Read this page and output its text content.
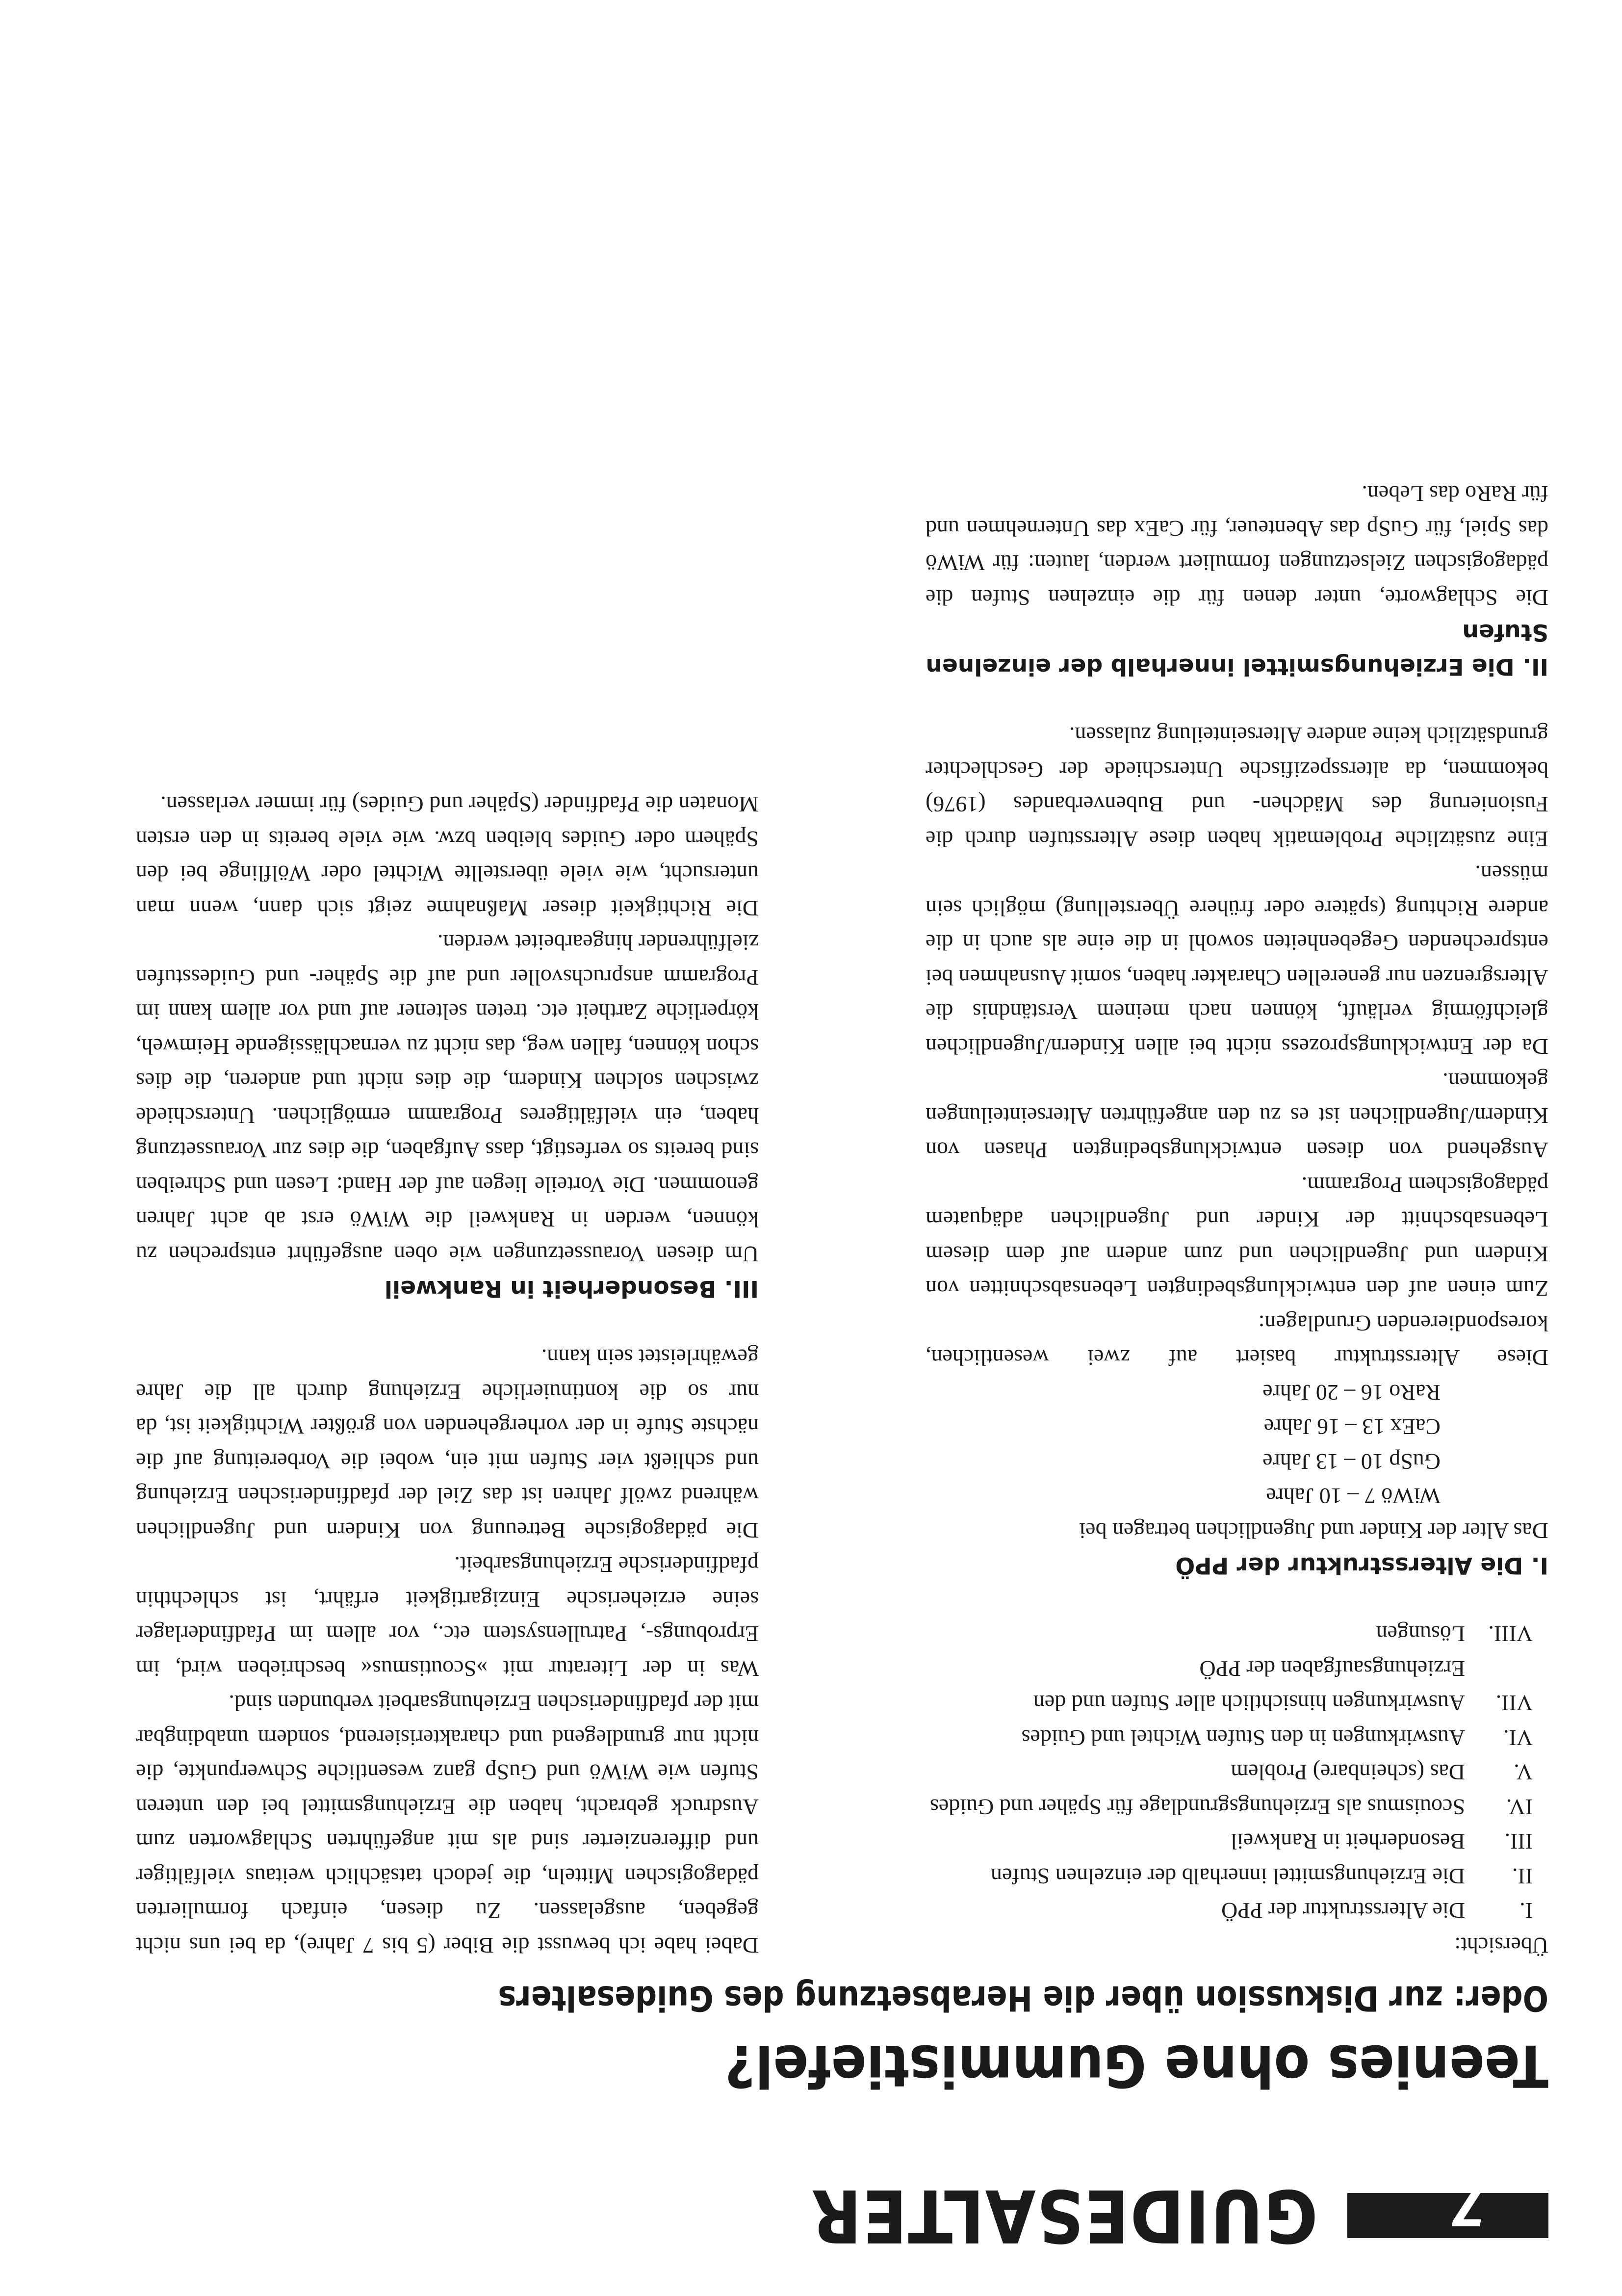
7
GUIDESALTER
Teenies ohne Gummistiefel?
Oder: zur Diskussion über die Herabsetzung des Guidesalters

Übersicht:

I.
Die Altersstruktur der PPÖ
II.
Die Erziehungsmittel innerhalb der einzelnen Stufen
III.
Besonderheit in Rankweil
IV.
Scouismus als Erziehungsgrundlage für Späher und Guides
V.
Das (scheinbare) Problem
VI.
Auswirkungen in den Stufen Wichtel und Guides
VII.
Auswirkungen hinsichtlich aller Stufen und den Erziehungsaufgaben der PPÖ
VIII.
Lösungen
I. Die Altersstruktur der PPÖ

Das Alter der Kinder und Jugendlichen betragen bei

WiWö 7 – 10 Jahre
GuSp 10 – 13 Jahre
CaEx 13 – 16 Jahre
RaRo 16 – 20 Jahre

Diese Altersstruktur basiert auf zwei wesentlichen, korespondierenden Grundlagen:

Zum einen auf den entwicklungsbedingten Lebensabschnitten von Kindern und Jugendlichen und zum andern auf dem diesem Lebensabschnitt der Kinder und Jugendlichen adäquatem pädagogischem Programm.

Ausgehend von diesen entwicklungsbedingten Phasen von Kindern/Jugendlichen ist es zu den angeführten Alterseinteilungen gekommen.

Da der Entwicklungsprozess nicht bei allen Kindern/Jugendlichen gleichförmig verläuft, können nach meinem Verständnis die Altersgrenzen nur generellen Charakter haben, somit Ausnahmen bei entsprechenden Gegebenheiten sowohl in die eine als auch in die andere Richtung (spätere oder frühere Überstellung) möglich sein müssen.

Eine zusätzliche Problematik haben diese Altersstufen durch die Fusionierung des Mädchen- und Bubenverbandes (1976) bekommen, da altersspezifische Unterschiede der Geschlechter grundsätzlich keine andere Alterseinteilung zulassen.

II. Die Erziehungsmittel innerhalb der einzelnen Stufen

Die Schlagworte, unter denen für die einzelnen Stufen die pädagogischen Zielsetzungen formuliert werden, lauten: für WiWö das Spiel, für GuSp das Abenteuer, für CaEx das Unternehmen und für RaRo das Leben.

Dabei habe ich bewusst die Biber (5 bis 7 Jahre), da bei uns nicht gegeben, ausgelassen. Zu diesen, einfach formulierten pädagogischen Mitteln, die jedoch tatsächlich weitaus vielfältiger und differenzierter sind als mit angeführten Schlagworten zum Ausdruck gebracht, haben die Erziehungsmittel bei den unteren Stufen wie WiWö und GuSp ganz wesentliche Schwerpunkte, die nicht nur grundlegend und charakterisierend, sondern unabdingbar mit der pfadfinderischen Erziehungsarbeit verbunden sind.

Was in der Literatur mit »Scoutismus« beschrieben wird, im Erprobungs-, Patrullensystem etc., vor allem im Pfadfinderlager seine erzieherische Einzigartigkeit erfährt, ist schlechthin pfadfinderische Erziehungsarbeit.

Die pädagogische Betreuung von Kindern und Jugendlichen während zwölf Jahren ist das Ziel der pfadfinderischen Erziehung und schließt vier Stufen mit ein, wobei die Vorbereitung auf die nächste Stufe in der vorhergehenden von größter Wichtigkeit ist, da nur so die kontinuierliche Erziehung durch all die Jahre gewährleistet sein kann.

III. Besonderheit in Rankweil

Um diesen Voraussetzungen wie oben ausgeführt entsprechen zu können, werden in Rankweil die WiWö erst ab acht Jahren genommen. Die Vorteile liegen auf der Hand: Lesen und Schreiben sind bereits so verfestigt, dass Aufgaben, die dies zur Voraussetzung haben, ein vielfältigeres Programm ermöglichen. Unterschiede zwischen solchen Kindern, die dies nicht und anderen, die dies schon können, fallen weg, das nicht zu vernachlässigende Heimweh, körperliche Zartheit etc. treten seltener auf und vor allem kann im Programm anspruchsvoller und auf die Späher- und Guidesstufen zielführender hingearbeitet werden.

Die Richtigkeit dieser Maßnahme zeigt sich dann, wenn man untersucht, wie viele überstellte Wichtel oder Wölflinge bei den Spähern oder Guides bleiben bzw. wie viele bereits in den ersten Monaten die Pfadfinder (Späher und Guides) für immer verlassen.
